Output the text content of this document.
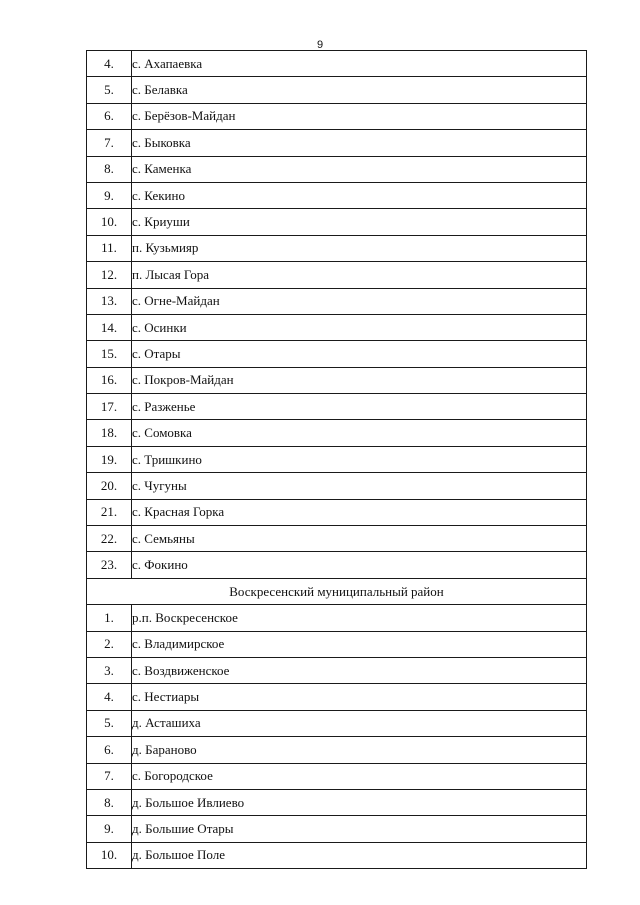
9
4.	с. Ахапаевка
5.	с. Белавка
6.	с. Берёзов-Майдан
7.	с. Быковка
8.	с. Каменка
9.	с. Кекино
10.	с. Криуши
11.	п. Кузьмияр
12.	п. Лысая Гора
13.	с. Огне-Майдан
14.	с. Осинки
15.	с. Отары
16.	с. Покров-Майдан
17.	с. Разженье
18.	с. Сомовка
19.	с. Тришкино
20.	с. Чугуны
21.	с. Красная Горка
22.	с. Семьяны
23.	с. Фокино
Воскресенский муниципальный район	
1.	р.п. Воскресенское
2.	с. Владимирское
3.	с. Воздвиженское
4.	с. Нестиары
5.	д. Асташиха
6.	д. Бараново
7.	с. Богородское
8.	д. Большое Ивлиево
9.	д. Большие Отары
10.	д. Большое Поле
